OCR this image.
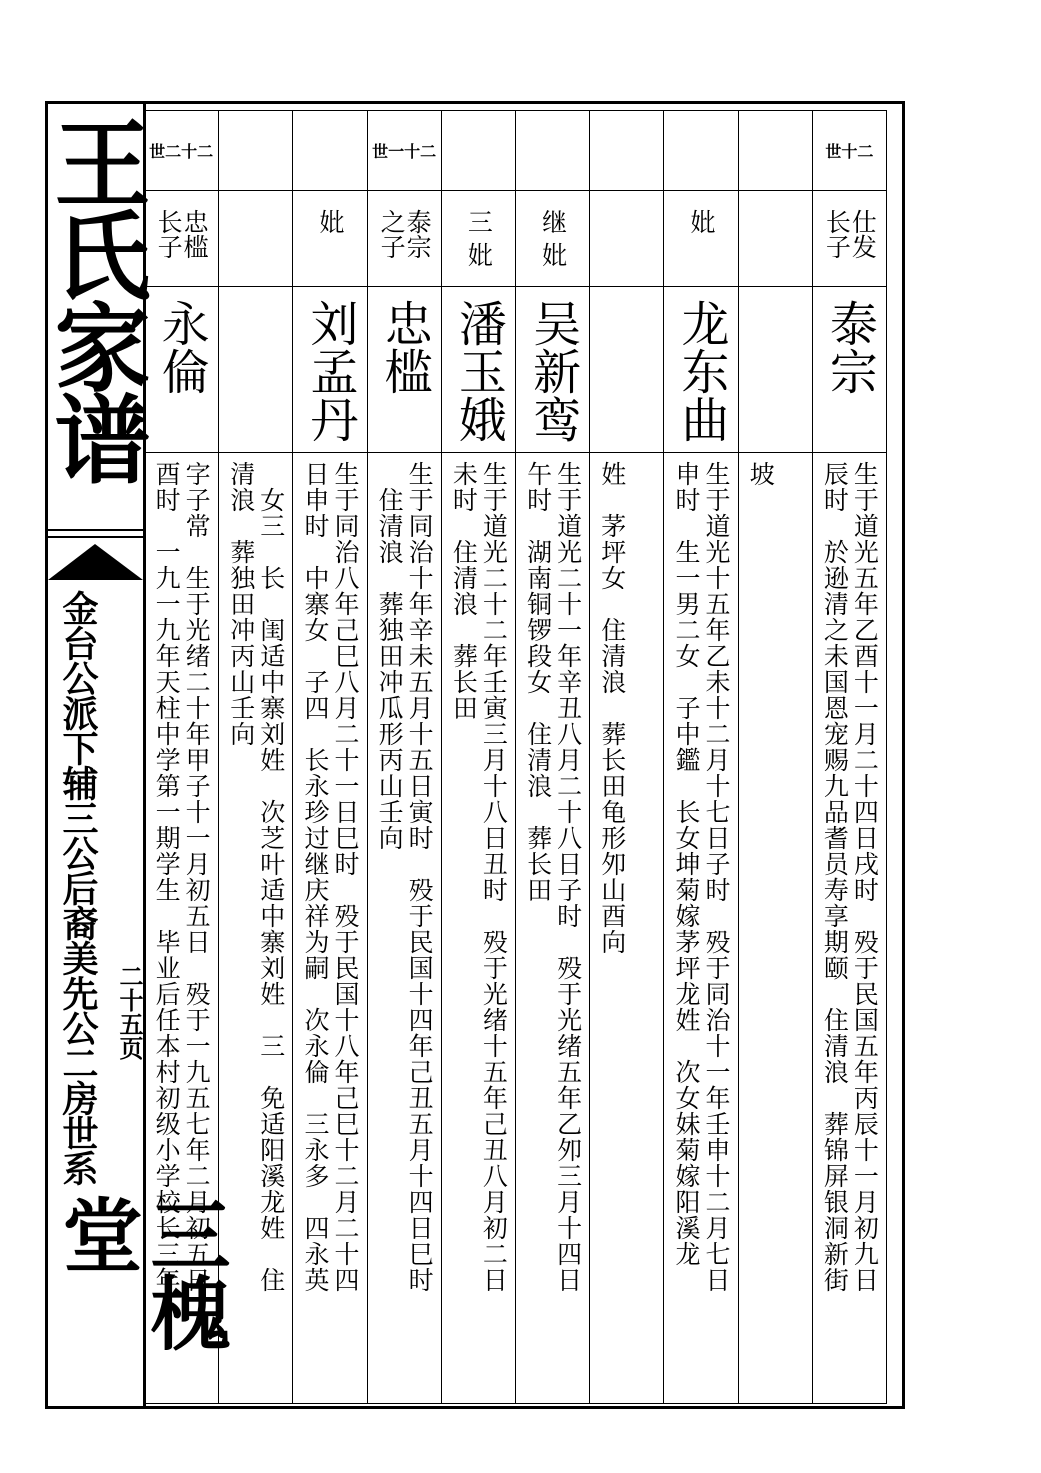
王氏家谱
金台公派下辅三公后裔美先公二房世系 二十五页
三槐堂
世十二
仕发 长子
泰宗
生于道光五年乙酉十一月二十四日戌时　殁于民国五年丙辰十一月初九日
辰时　於逊清之未国恩宠赐九品耆员寿享期颐　住清浪　葬锦屏银洞新街

坡
妣
龙东曲
生于道光十五年乙未十二月十七日子时　殁于同治十一年壬申十二月七日
申时　生一男二女　子中鑑　长女坤菊嫁茅坪龙姓　次女妹菊嫁阳溪龙

姓　茅坪女　住清浪　葬长田龟形夘山酉向
继 妣
吴新鸾
生于道光二十一年辛丑八月二十八日子时　殁于光绪五年乙夘三月十四日
午时　湖南铜锣段女　住清浪　葬长田
三 妣
潘玉娥
生于道光二十二年壬寅三月十八日丑时　殁于光绪十五年己丑八月初二日
未时　住清浪　葬长田
世一十二
泰宗 之子
忠槛
生于同治十年辛未五月十五日寅时　殁于民国十四年己丑五月十四日巳时
　住清浪　葬独田冲瓜形丙山壬向
妣
刘孟丹
生于同治八年己巳八月二十一日巳时　殁于民国十八年己巳十二月二十四
日申时　中寨女　子四　长永珍过继庆祥为嗣　次永倫　三永多　四永英
　女三　长　闺适中寨刘姓　次芝叶适中寨刘姓　三　免适阳溪龙姓　住
清浪　葬独田冲丙山壬向
世二十二
忠槛 长子
永倫
字子常　生于光绪二十年甲子十一月初五日　殁于一九五七年二月初五日
酉时　一九一九年天柱中学第一期学生　毕业后任本村初级小学校长三年
